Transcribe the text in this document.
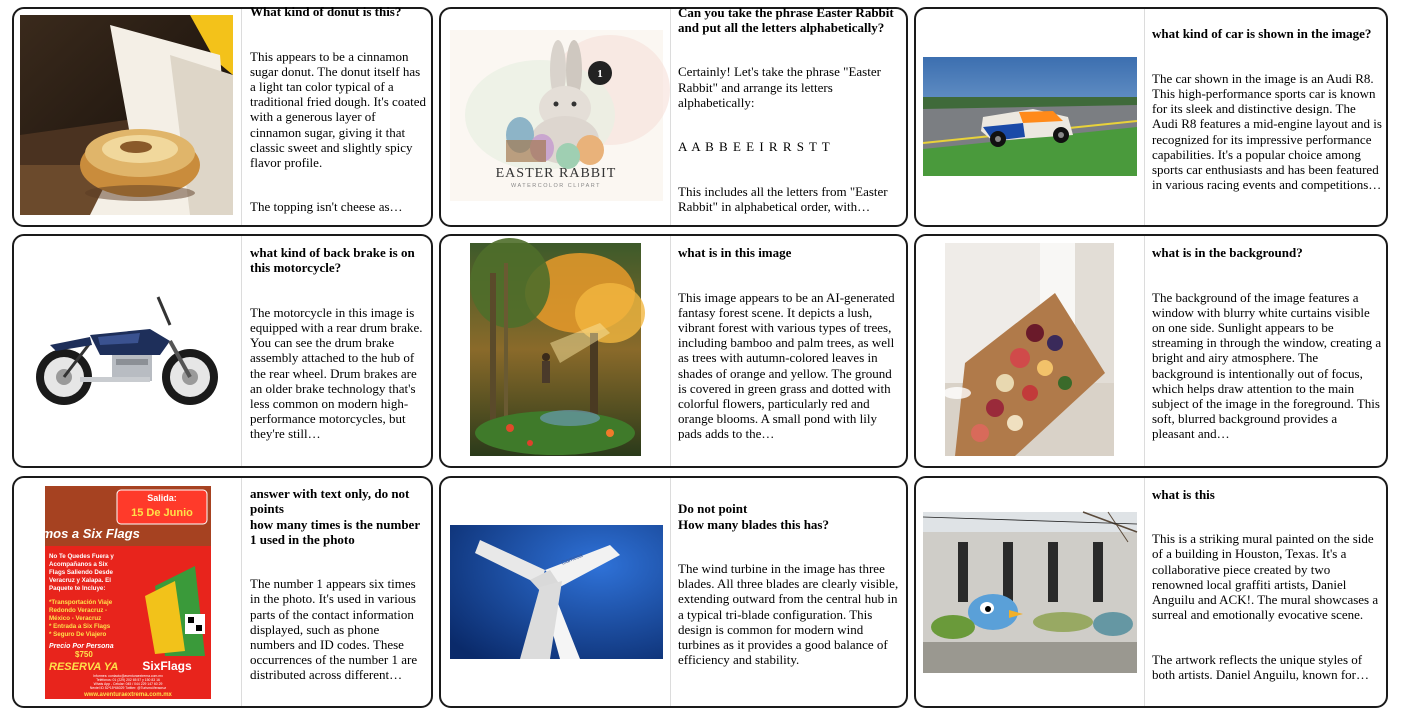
What kind of donut is this?

This appears to be a cinnamon sugar donut. The donut itself has a light tan color typical of a traditional fried dough. It's coated with a generous layer of cinnamon sugar, giving it that classic sweet and slightly spicy flavor profile.

The topping isn't cheese as…

1
EASTER RABBIT
WATERCOLOR CLIPART
Can you take the phrase Easter Rabbit and put all the letters alphabetically?

Certainly! Let's take the phrase "Easter Rabbit" and arrange its letters alphabetically:

A A B B E E I R R S T T

This includes all the letters from "Easter Rabbit" in alphabetical order, with…

what kind of car is shown in the image?

The car shown in the image is an Audi R8. This high-performance sports car is known for its sleek and distinctive design. The Audi R8 features a mid-engine layout and is recognized for its impressive performance capabilities. It's a popular choice among sports car enthusiasts and has been featured in various racing events and competitions…

what kind of back brake is on this motorcycle?

The motorcycle in this image is equipped with a rear drum brake. You can see the drum brake assembly attached to the hub of the rear wheel. Drum brakes are an older brake technology that's less common on modern high-performance motorcycles, but they're still…

what is in this image

This image appears to be an AI-generated fantasy forest scene. It depicts a lush, vibrant forest with various types of trees, including bamboo and palm trees, as well as trees with autumn-colored leaves in shades of orange and yellow. The ground is covered in green grass and dotted with colorful flowers, particularly red and orange blooms. A small pond with lily pads adds to the…

what is in the background?

The background of the image features a window with blurry white curtains visible on one side. Sunlight appears to be streaming in through the window, creating a bright and airy atmosphere. The background is intentionally out of focus, which helps draw attention to the main subject of the image in the foreground. This soft, blurred background provides a pleasant and…

Salida:
15 De Junio
Vamos a Six Flags
No Te Quedes Fuera y
Acompañanos a Six
Flags Saliendo Desde
Veracruz y Xalapa. El
Paquete te Incluye:
*Transportación Viaje
Redondo Veracruz -
México - Veracruz
* Entrada a Six Flags
* Seguro De Viajero
Precio Por Persona
$750
RESERVA YA SixFlags
Informes: contacto@aventuraextrema.com.mx
Teléfonos: 01 (229) 202 65 57 y 150 83 16
Whats App - Celular: 045 / 044 229 147 60 29
Nextel ID 52*15*66029 Twitter: @TurismoVeracruz
www.aventuraextrema.com.mx
answer with text only, do not points
how many times is the number 1 used in the photo

The number 1 appears six times in the photo. It's used in various parts of the contact information displayed, such as phone numbers and ID codes. These occurrences of the number 1 are distributed across different…

Gamesa
Do not point
How many blades this has?

The wind turbine in the image has three blades. All three blades are clearly visible, extending outward from the central hub in a typical tri-blade configuration. This design is common for modern wind turbines as it provides a good balance of efficiency and stability.

what is this

This is a striking mural painted on the side of a building in Houston, Texas. It's a collaborative piece created by two renowned local graffiti artists, Daniel Anguilu and ACK!. The mural showcases a surreal and emotionally evocative scene.

The artwork reflects the unique styles of both artists. Daniel Anguilu, known for…
